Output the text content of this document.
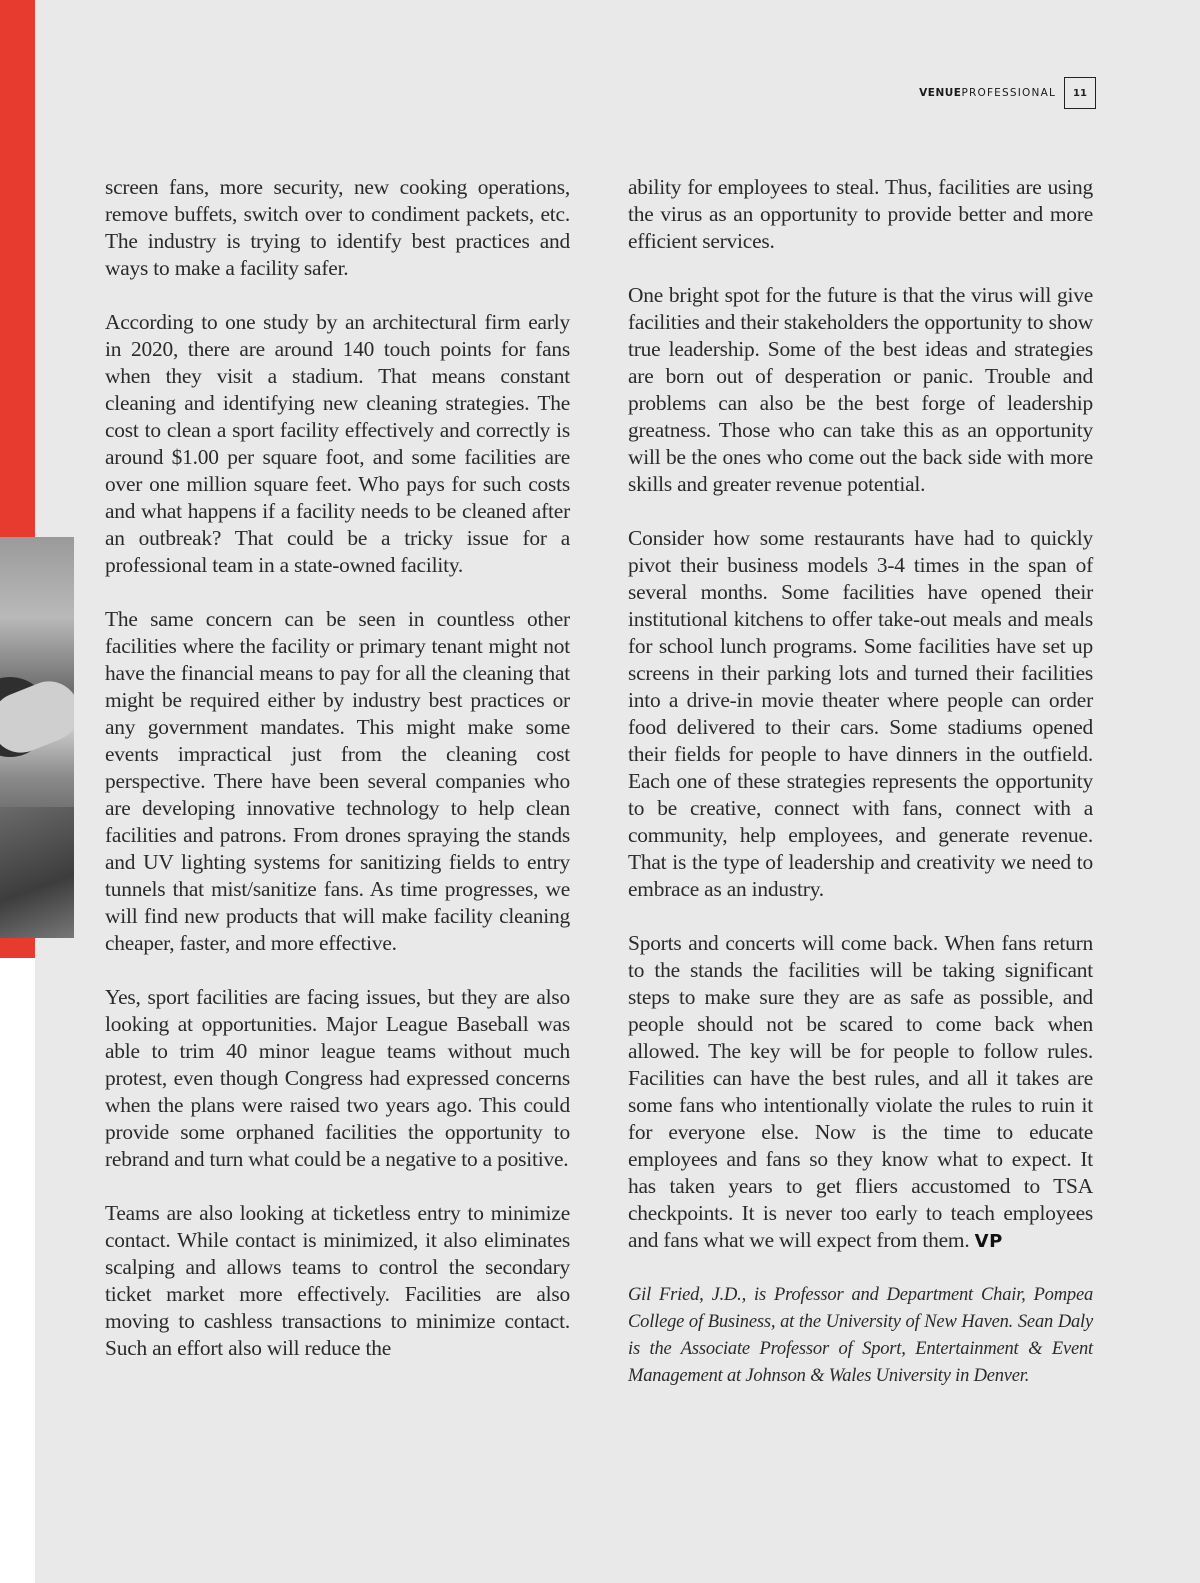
VENUEPROFESSIONAL	11

screen fans, more security, new cooking operations, remove buffets, switch over to condiment packets, etc. The industry is trying to identify best practices and ways to make a facility safer.

According to one study by an architectural firm early in 2020, there are around 140 touch points for fans when they visit a stadium. That means constant cleaning and identifying new cleaning strategies. The cost to clean a sport facility effectively and correctly is around $1.00 per square foot, and some facilities are over one million square feet. Who pays for such costs and what happens if a facility needs to be cleaned after an outbreak? That could be a tricky issue for a professional team in a state-owned facility.

The same concern can be seen in countless other facilities where the facility or primary tenant might not have the financial means to pay for all the cleaning that might be required either by industry best practices or any government mandates. This might make some events impractical just from the cleaning cost perspective. There have been several companies who are developing innovative technology to help clean facilities and patrons. From drones spraying the stands and UV lighting systems for sanitizing fields to entry tunnels that mist/sanitize fans. As time progresses, we will find new products that will make facility cleaning cheaper, faster, and more effective.

Yes, sport facilities are facing issues, but they are also looking at opportunities. Major League Baseball was able to trim 40 minor league teams without much protest, even though Congress had expressed concerns when the plans were raised two years ago. This could provide some orphaned facilities the opportunity to rebrand and turn what could be a negative to a positive.

Teams are also looking at ticketless entry to minimize contact. While contact is minimized, it also eliminates scalping and allows teams to control the secondary ticket market more effectively. Facilities are also moving to cashless transactions to minimize contact. Such an effort also will reduce the

ability for employees to steal. Thus, facilities are using the virus as an opportunity to provide better and more efficient services.

One bright spot for the future is that the virus will give facilities and their stakeholders the opportunity to show true leadership. Some of the best ideas and strategies are born out of desperation or panic. Trouble and problems can also be the best forge of leadership greatness. Those who can take this as an opportunity will be the ones who come out the back side with more skills and greater revenue potential.

Consider how some restaurants have had to quickly pivot their business models 3-4 times in the span of several months. Some facilities have opened their institutional kitchens to offer take-out meals and meals for school lunch programs. Some facilities have set up screens in their parking lots and turned their facilities into a drive-in movie theater where people can order food delivered to their cars. Some stadiums opened their fields for people to have dinners in the outfield. Each one of these strategies represents the opportunity to be creative, connect with fans, connect with a community, help employees, and generate revenue. That is the type of leadership and creativity we need to embrace as an industry.

Sports and concerts will come back. When fans return to the stands the facilities will be taking significant steps to make sure they are as safe as possible, and people should not be scared to come back when allowed. The key will be for people to follow rules. Facilities can have the best rules, and all it takes are some fans who intentionally violate the rules to ruin it for everyone else. Now is the time to educate employees and fans so they know what to expect. It has taken years to get fliers accustomed to TSA checkpoints. It is never too early to teach employees and fans what we will expect from them. VP

Gil Fried, J.D., is Professor and Department Chair, Pompea College of Business, at the University of New Haven. Sean Daly is the Associate Professor of Sport, Entertainment & Event Management at Johnson & Wales University in Denver.
